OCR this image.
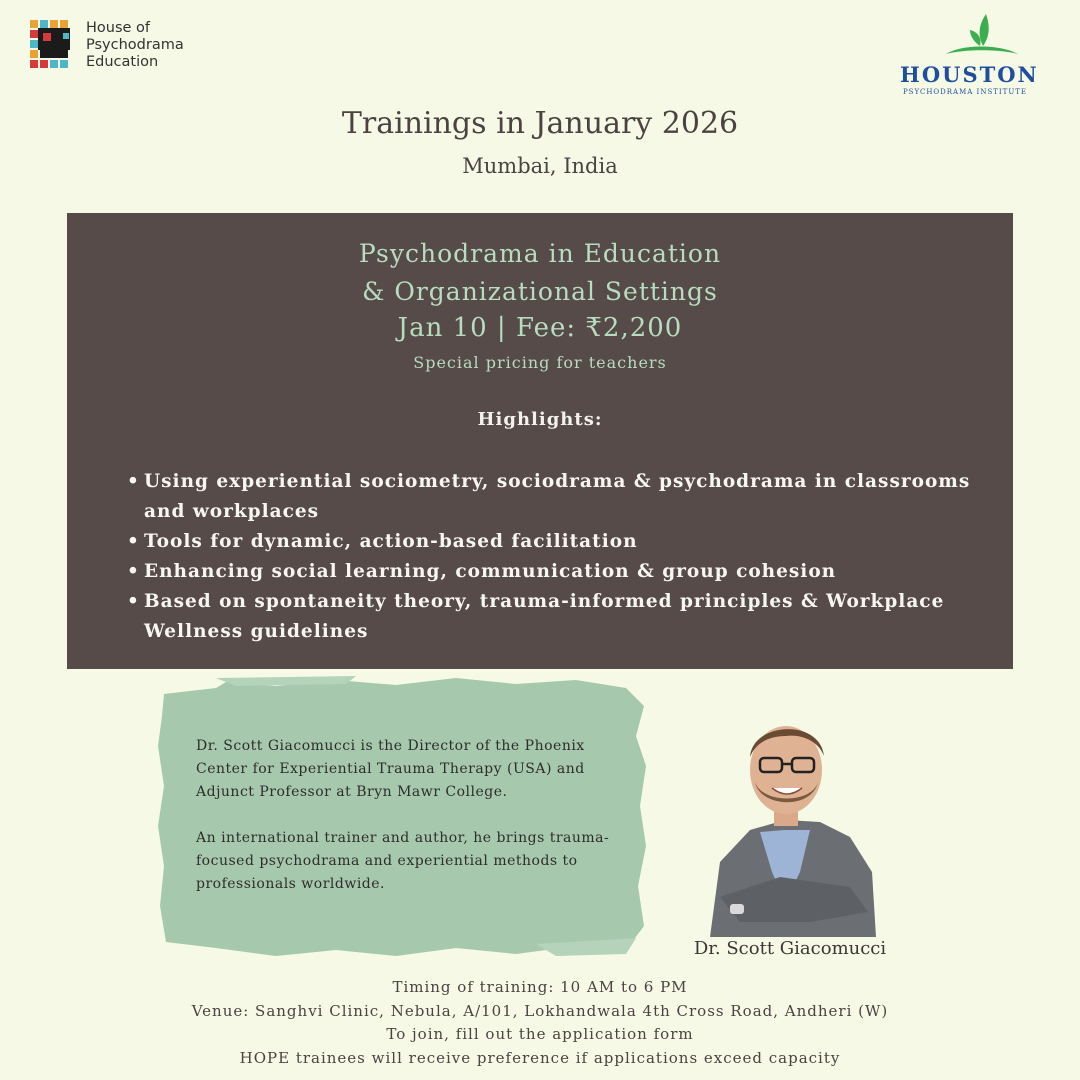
House of
Psychodrama
Education	HOUSTON
PSYCHODRAMA INSTITUTE
Trainings in January 2026
Mumbai, India
Psychodrama in Education
& Organizational Settings
Jan 10 | Fee: ₹2,200
Special pricing for teachers
Highlights:
• Using experiential sociometry, sociodrama & psychodrama in classrooms and workplaces
• Tools for dynamic, action-based facilitation
• Enhancing social learning, communication & group cohesion
• Based on spontaneity theory, trauma-informed principles & Workplace Wellness guidelines

Dr. Scott Giacomucci is the Director of the Phoenix Center for Experiential Trauma Therapy (USA) and Adjunct Professor at Bryn Mawr College.

An international trainer and author, he brings trauma-focused psychodrama and experiential methods to professionals worldwide.

Dr. Scott Giacomucci
Timing of training: 10 AM to 6 PM
Venue: Sanghvi Clinic, Nebula, A/101, Lokhandwala 4th Cross Road, Andheri (W)
To join, fill out the application form
HOPE trainees will receive preference if applications exceed capacity
